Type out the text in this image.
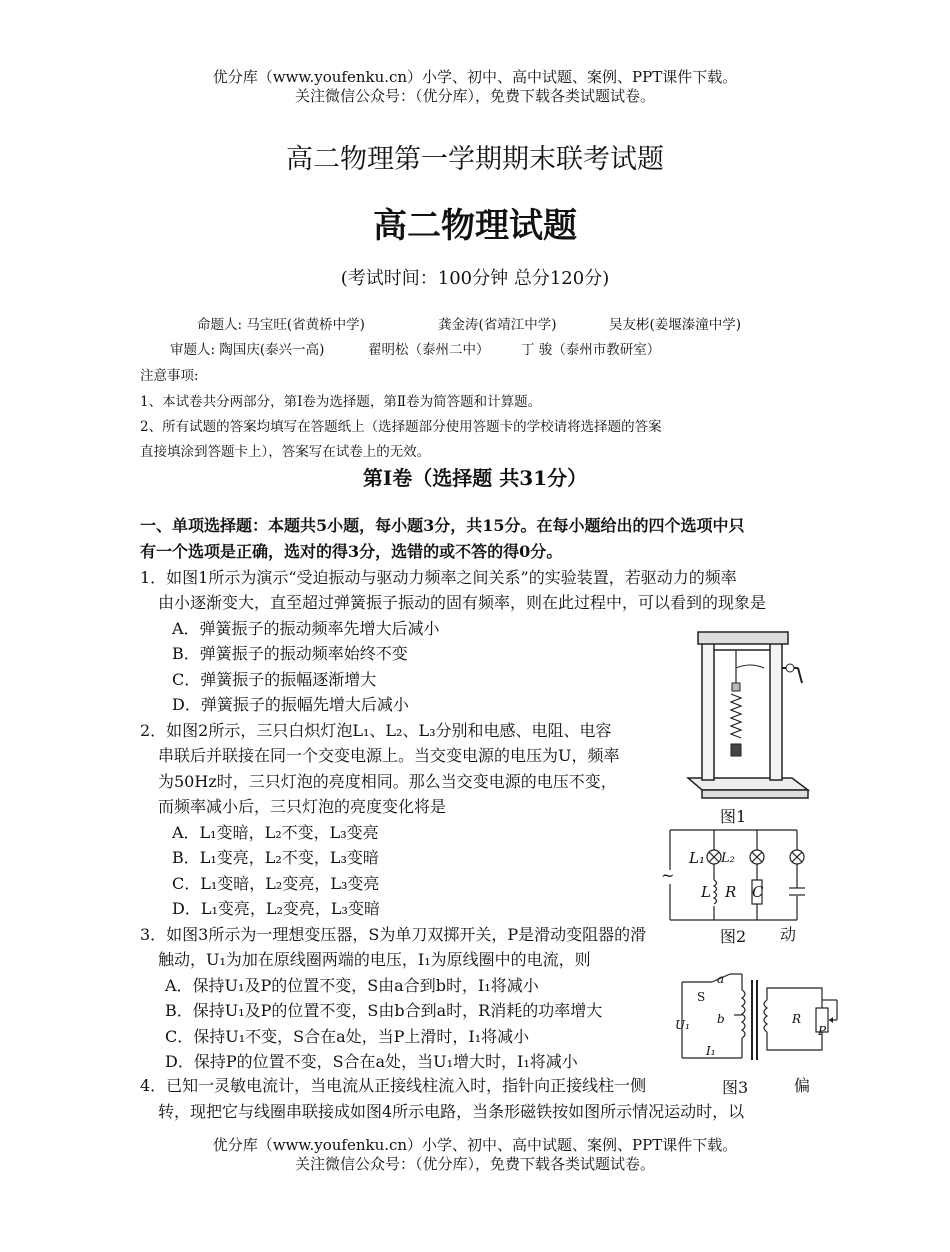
优分库（www.youfenku.cn）小学、初中、高中试题、案例、PPT课件下载。
关注微信公众号：（优分库），免费下载各类试题试卷。
高二物理第一学期期末联考试题
高二物理试题
(考试时间：100分钟 总分120分)
命题人: 马宝旺(省黄桥中学)	龚金涛(省靖江中学)	吴友彬(姜堰溱潼中学)
审题人: 陶国庆(泰兴一高)	翟明松（泰州二中） 丁 骏（泰州市教研室）
注意事项:
1、本试卷共分两部分，第Ⅰ卷为选择题，第Ⅱ卷为简答题和计算题。
2、所有试题的答案均填写在答题纸上（选择题部分使用答题卡的学校请将选择题的答案
直接填涂到答题卡上），答案写在试卷上的无效。
第Ⅰ卷（选择题 共31分）
一、单项选择题：本题共5小题，每小题3分，共15分。在每小题给出的四个选项中只
有一个选项是正确，选对的得3分，选错的或不答的得0分。
1．如图1所示为演示“受迫振动与驱动力频率之间关系”的实验装置，若驱动力的频率
由小逐渐变大，直至超过弹簧振子振动的固有频率，则在此过程中，可以看到的现象是
A．弹簧振子的振动频率先增大后减小
B．弹簧振子的振动频率始终不变
C．弹簧振子的振幅逐渐增大
D．弹簧振子的振幅先增大后减小
2．如图2所示，三只白炽灯泡L₁、L₂、L₃分别和电感、电阻、电容
串联后并联接在同一个交变电源上。当交变电源的电压为U，频率
为50Hz时，三只灯泡的亮度相同。那么当交变电源的电压不变，
而频率减小后，三只灯泡的亮度变化将是
A．L₁变暗，L₂不变，L₃变亮
B．L₁变亮，L₂不变，L₃变暗
C．L₁变暗，L₂变亮，L₃变亮
D．L₁变亮，L₂变亮，L₃变暗
3．如图3所示为一理想变压器，S为单刀双掷开关，P是滑动变阻器的滑	动
触动，U₁为加在原线圈两端的电压，I₁为原线圈中的电流，则
A．保持U₁及P的位置不变，S由a合到b时，I₁将减小
B．保持U₁及P的位置不变，S由b合到a时，R消耗的功率增大
C．保持U₁不变，S合在a处，当P上滑时，I₁将减小
D．保持P的位置不变，S合在a处，当U₁增大时，I₁将减小
4．已知一灵敏电流计，当电流从正接线柱流入时，指针向正接线柱一侧	偏
转，现把它与线圈串联接成如图4所示电路，当条形磁铁按如图所示情况运动时，以
图1
L₁ L₂
L R C
~
图2
a
b
S
U₁
I₁
R
P
图3
优分库（www.youfenku.cn）小学、初中、高中试题、案例、PPT课件下载。
关注微信公众号：（优分库），免费下载各类试题试卷。
